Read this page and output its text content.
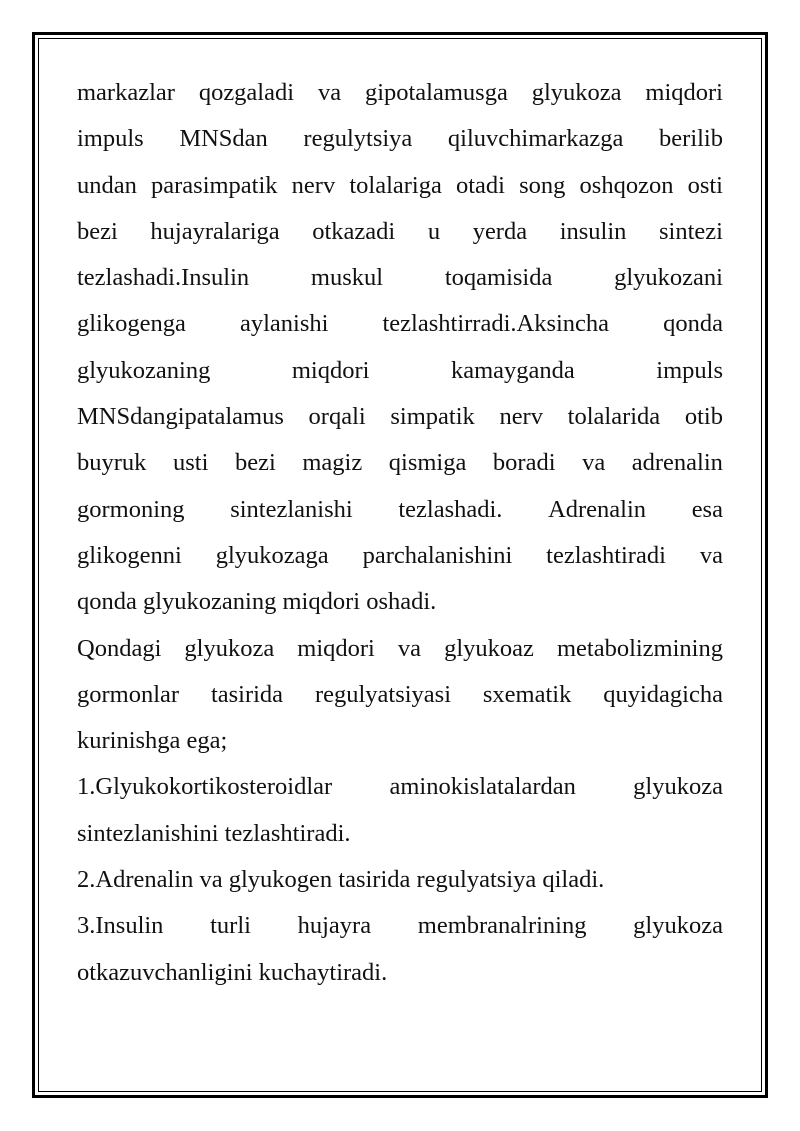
markazlar qozgaladi va gipotalamusga glyukoza miqdori
impuls MNSdan regulytsiya qiluvchimarkazga berilib
undan parasimpatik nerv tolalariga otadi song oshqozon osti
bezi hujayralariga otkazadi u yerda insulin sintezi
tezlashadi.Insulin	muskul	toqamisida	glyukozani
glikogenga aylanishi tezlashtirradi.Aksincha qonda
glyukozaning	miqdori	kamayganda	impuls
MNSdangipatalamus orqali simpatik nerv tolalarida otib
buyruk usti bezi magiz qismiga boradi va adrenalin
gormoning sintezlanishi tezlashadi. Adrenalin esa
glikogenni glyukozaga parchalanishini tezlashtiradi va
qonda glyukozaning miqdori oshadi.
Qondagi glyukoza miqdori va glyukoaz metabolizmining
gormonlar tasirida regulyatsiyasi sxematik quyidagicha
kurinishga ega;
1.Glyukokortikosteroidlar aminokislatalardan glyukoza
sintezlanishini tezlashtiradi.
2.Adrenalin va glyukogen tasirida regulyatsiya qiladi.
3.Insulin turli hujayra membranalrining glyukoza
otkazuvchanligini kuchaytiradi.
